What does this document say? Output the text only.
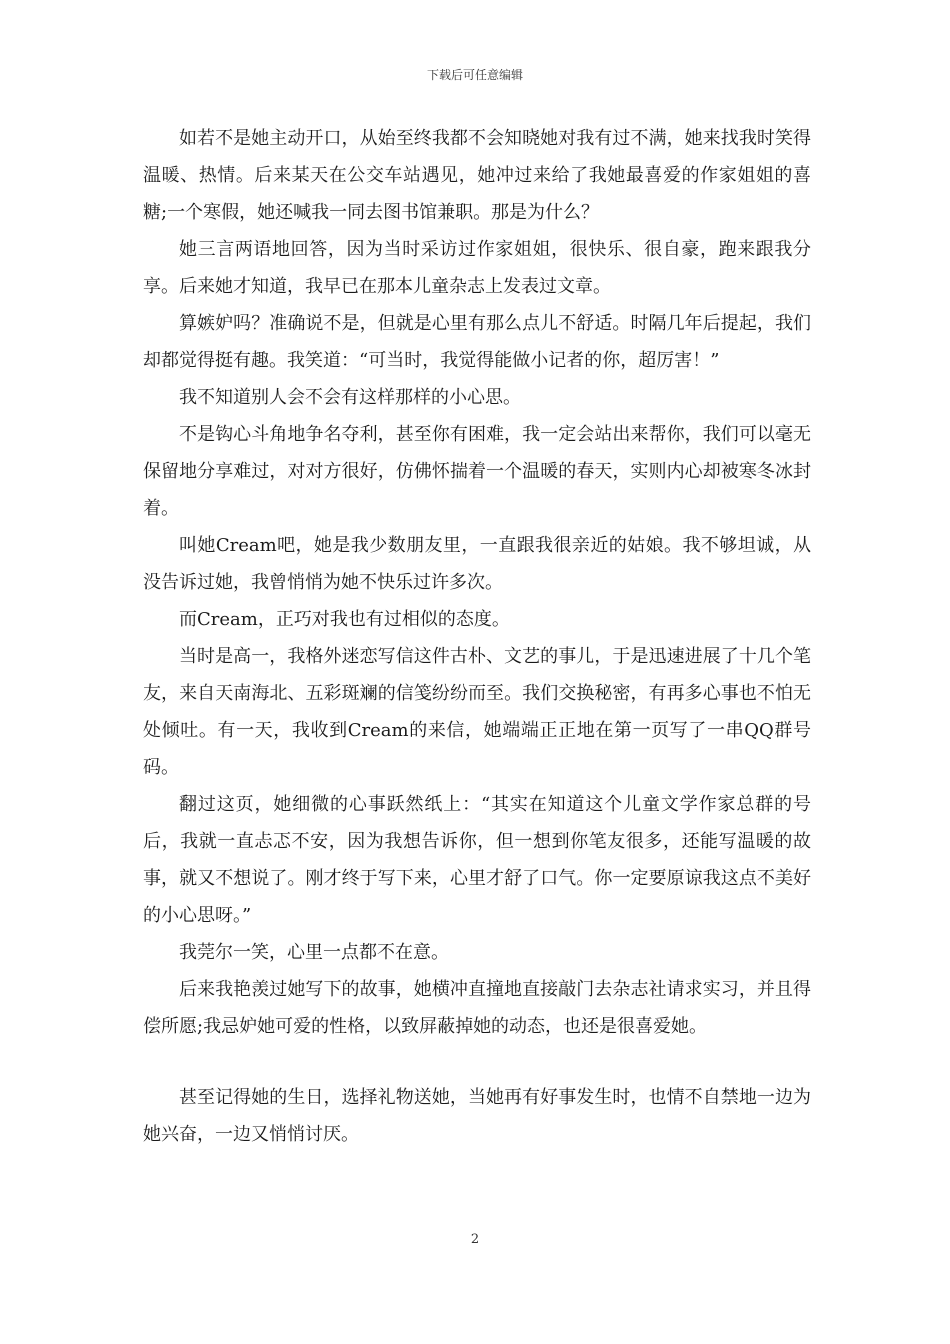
下载后可任意编辑

如若不是她主动开口，从始至终我都不会知晓她对我有过不满，她来找我时笑得温暖、热情。后来某天在公交车站遇见，她冲过来给了我她最喜爱的作家姐姐的喜糖;一个寒假，她还喊我一同去图书馆兼职。那是为什么？

她三言两语地回答，因为当时采访过作家姐姐，很快乐、很自豪，跑来跟我分享。后来她才知道，我早已在那本儿童杂志上发表过文章。

算嫉妒吗？准确说不是，但就是心里有那么点儿不舒适。时隔几年后提起，我们却都觉得挺有趣。我笑道：“可当时，我觉得能做小记者的你，超厉害！”

我不知道别人会不会有这样那样的小心思。

不是钩心斗角地争名夺利，甚至你有困难，我一定会站出来帮你，我们可以毫无保留地分享难过，对对方很好，仿佛怀揣着一个温暖的春天，实则内心却被寒冬冰封着。

叫她Cream吧，她是我少数朋友里，一直跟我很亲近的姑娘。我不够坦诚，从没告诉过她，我曾悄悄为她不快乐过许多次。

而Cream，正巧对我也有过相似的态度。

当时是高一，我格外迷恋写信这件古朴、文艺的事儿，于是迅速进展了十几个笔友，来自天南海北、五彩斑斓的信笺纷纷而至。我们交换秘密，有再多心事也不怕无处倾吐。有一天，我收到Cream的来信，她端端正正地在第一页写了一串QQ群号码。

翻过这页，她细微的心事跃然纸上：“其实在知道这个儿童文学作家总群的号后，我就一直忐忑不安，因为我想告诉你，但一想到你笔友很多，还能写温暖的故事，就又不想说了。刚才终于写下来，心里才舒了口气。你一定要原谅我这点不美好的小心思呀。”

我莞尔一笑，心里一点都不在意。

后来我艳羡过她写下的故事，她横冲直撞地直接敲门去杂志社请求实习，并且得偿所愿;我忌妒她可爱的性格，以致屏蔽掉她的动态，也还是很喜爱她。

甚至记得她的生日，选择礼物送她，当她再有好事发生时，也情不自禁地一边为她兴奋，一边又悄悄讨厌。

2
